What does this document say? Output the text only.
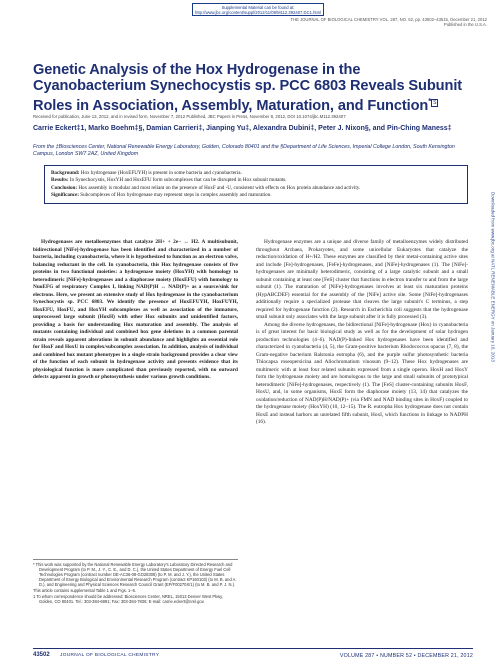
Supplemental Material can be found at:
http://www.jbc.org/content/suppl/2012/11/08/M112.392407.DC1.html
THE JOURNAL OF BIOLOGICAL CHEMISTRY VOL. 287, NO. 52, pp. 43502–43515, December 21, 2012
Published in the U.S.A.
Downloaded from www.jbc.org at NATL RENEWABLE ENERGY on January 16, 2013
Genetic Analysis of the Hox Hydrogenase in the Cyanobacterium Synechocystis sp. PCC 6803 Reveals Subunit Roles in Association, Assembly, Maturation, and Function* S
Received for publication, June 13, 2012, and in revised form, November 7, 2012 Published, JBC Papers in Press, November 8, 2012, DOI 10.1074/jbc.M112.392407
Carrie Eckert‡1, Marko Boehm‡§, Damian Carrieri‡, Jianping Yu‡, Alexandra Dubini‡, Peter J. Nixon§, and Pin-Ching Maness‡
From the ‡Biosciences Center, National Renewable Energy Laboratory, Golden, Colorado 80401 and the §Department of Life Sciences, Imperial College London, South Kensington Campus, London SW7 2AZ, United Kingdom
Background: Hox hydrogenase (HoxEFUYH) is present in some bacteria and cyanobacteria.
Results: In Synechocystis, HoxYH and HoxEFU form subcomplexes that can be disrupted in Hox subunit mutants.
Conclusion: Hox assembly is modular and most reliant on the presence of HoxF and -U, consistent with effects on Hox protein abundance and activity.
Significance: Subcomplexes of Hox hydrogenase may represent steps in complex assembly and maturation.

Hydrogenases are metalloenzymes that catalyze 2H+ + 2e− ↔ H2. A multisubunit, bidirectional [NiFe]-hydrogenase has been identified and characterized in a number of bacteria, including cyanobacteria, where it is hypothesized to function as an electron valve, balancing reductant in the cell. In cyanobacteria, this Hox hydrogenase consists of five proteins in two functional moieties: a hydrogenase moiety (HoxYH) with homology to heterodimeric [NiFe]-hydrogenases and a diaphorase moiety (HoxEFU) with homology to NuoEFG of respiratory Complex I, linking NAD(P)H ↔ NAD(P)+ as a source/sink for electrons. Here, we present an extensive study of Hox hydrogenase in the cyanobacterium Synechocystis sp. PCC 6803. We identify the presence of HoxEFUYH, HoxFUYH, HoxEFU, HoxFU, and HoxYH subcomplexes as well as association of the immature, unprocessed large subunit (HoxH) with other Hox subunits and unidentified factors, providing a basis for understanding Hox maturation and assembly. The analysis of mutants containing individual and combined hox gene deletions in a common parental strain reveals apparent alterations in subunit abundance and highlights an essential role for HoxF and HoxU in complex/subcomplex association. In addition, analysis of individual and combined hox mutant phenotypes in a single strain background provides a clear view of the function of each subunit in hydrogenase activity and presents evidence that its physiological function is more complicated than previously reported, with no outward defects apparent in growth or photosynthesis under various growth conditions.

* This work was supported by the National Renewable Energy Laboratory's Laboratory Directed Research and Development Program (to P. M., J. Y., C. E., and D. C.), the United States Department of Energy Fuel Cell Technologies Program (contract number DE-AC36-08-GO28308) (to P. M. and J. Y.), the United States Department of Energy Biological and Environmental Research Program (contract KP160103) (to M. B. and A. D.), and Engineering and Physical Sciences Research Council Grant (EP/F00270X/1) (to M. B. and P. J. N.).

This article contains supplemental Table 1 and Figs. 1–5.

1 To whom correspondence should be addressed: Biosciences Center, NREL, 15013 Denver West Pkwy, Golden, CO 80401. Tel.: 303-384-6891; Fax: 303-384-7836; E-mail: carrie.eckert@nrel.gov.

Hydrogenase enzymes are a unique and diverse family of metalloenzymes widely distributed throughout Archaea, Prokaryotes, and some unicellular Eukaryotes that catalyze the reduction/oxidation of H+/H2. These enzymes are classified by their metal-containing active sites and include [Fe]-hydrogenases, [FeFe]-hydrogenases, and [NiFe]-hydrogenases (1). The [NiFe]-hydrogenases are minimally heterodimeric, consisting of a large catalytic subunit and a small subunit containing at least one [FeS] cluster that functions in electron transfer to and from the large subunit (1). The maturation of [NiFe]-hydrogenases involves at least six maturation proteins (HypABCDEF) essential for the assembly of the [NiFe] active site. Some [NiFe]-hydrogenases additionally require a specialized protease that cleaves the large subunit's C terminus, a step required for hydrogenase function (2). Research in Escherichia coli suggests that the hydrogenase small subunit only associates with the large subunit after it is fully processed (3).

Among the diverse hydrogenases, the bidirectional [NiFe]-hydrogenase (Hox) in cyanobacteria is of great interest for basic biological study as well as for the development of solar hydrogen production technologies (4–6). NAD(P)-linked Hox hydrogenases have been identified and characterized in cyanobacteria (4, 5), the Gram-positive bacterium Rhodococcus opacus (7, 8), the Gram-negative bacterium Ralstonia eutropha (6), and the purple sulfur photosynthetic bacteria Thiocapsa roseopersicina and Allochromatium vinosum (9–12). These Hox hydrogenases are multimeric with at least four related subunits expressed from a single operon. HoxH and HoxY form the hydrogenase moiety and are homologous to the large and small subunits of prototypical heterodimeric [NiFe]-hydrogenases, respectively (1). The [FeS] cluster-containing subunits HoxF, HoxU, and, in some organisms, HoxE form the diaphorase moiety (13, 14) that catalyzes the oxidation/reduction of NAD(P)H/NAD(P)+ (via FMN and NAD binding sites in HoxF) coupled to the hydrogenase moiety (HoxYH) (10, 12–15). The R. eutropha Hox hydrogenase does not contain HoxE and instead harbors an unrelated fifth subunit, HoxI, which functions in linkage to NADPH (16).

43502 JOURNAL OF BIOLOGICAL CHEMISTRY	VOLUME 287 • NUMBER 52 • DECEMBER 21, 2012
